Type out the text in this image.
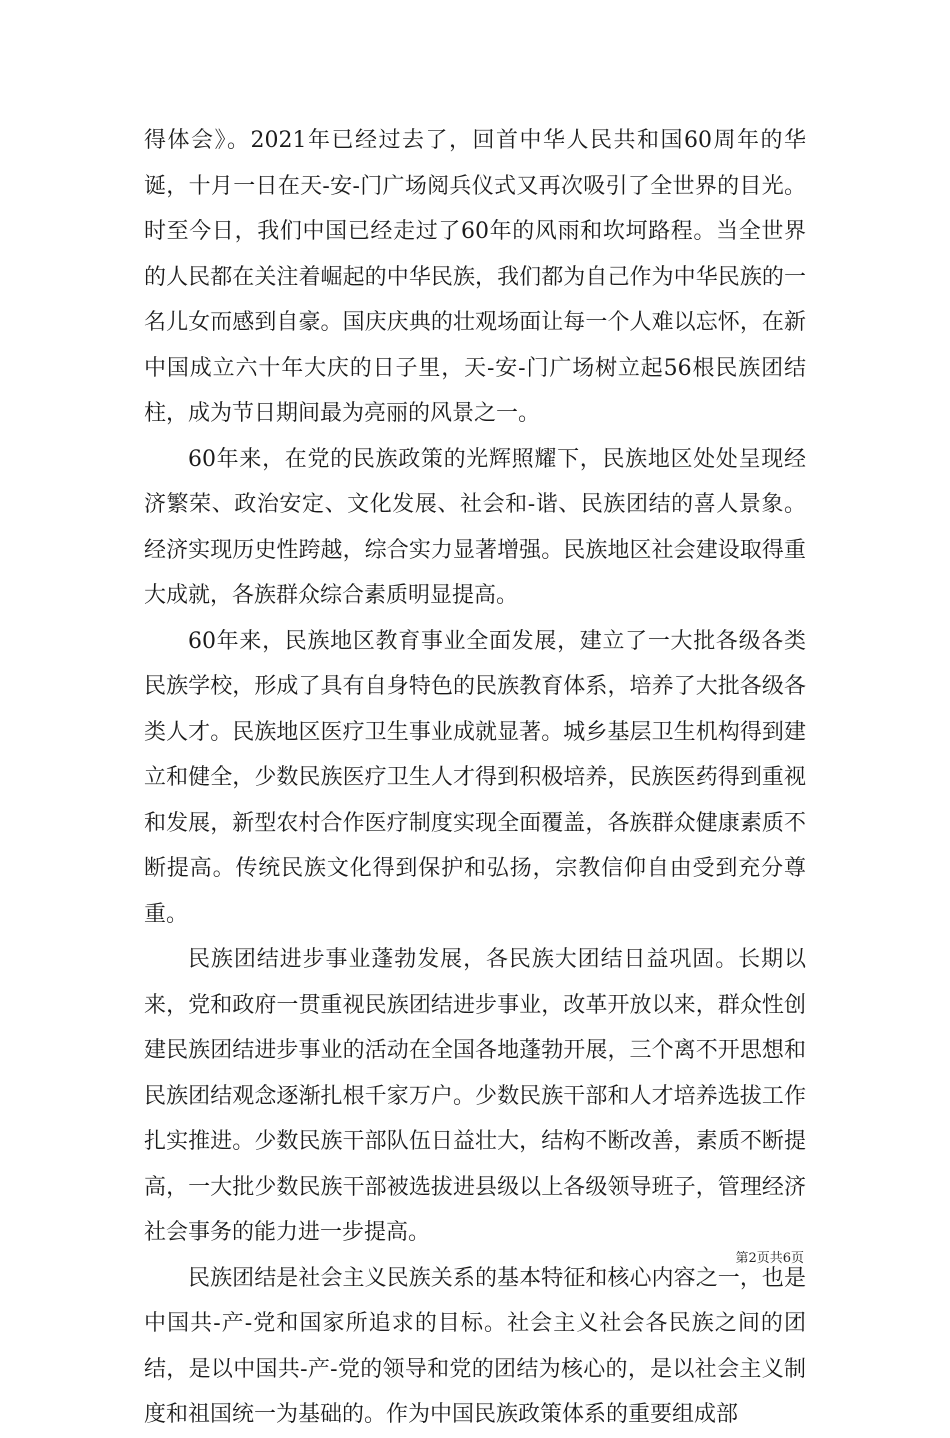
得体会》。2021年已经过去了，回首中华人民共和国60周年的华诞，十月一日在天-安-门广场阅兵仪式又再次吸引了全世界的目光。时至今日，我们中国已经走过了60年的风雨和坎坷路程。当全世界的人民都在关注着崛起的中华民族，我们都为自己作为中华民族的一名儿女而感到自豪。国庆庆典的壮观场面让每一个人难以忘怀，在新中国成立六十年大庆的日子里，天-安-门广场树立起56根民族团结柱，成为节日期间最为亮丽的风景之一。

60年来，在党的民族政策的光辉照耀下，民族地区处处呈现经济繁荣、政治安定、文化发展、社会和-谐、民族团结的喜人景象。经济实现历史性跨越，综合实力显著增强。民族地区社会建设取得重大成就，各族群众综合素质明显提高。

60年来，民族地区教育事业全面发展，建立了一大批各级各类民族学校，形成了具有自身特色的民族教育体系，培养了大批各级各类人才。民族地区医疗卫生事业成就显著。城乡基层卫生机构得到建立和健全，少数民族医疗卫生人才得到积极培养，民族医药得到重视和发展，新型农村合作医疗制度实现全面覆盖，各族群众健康素质不断提高。传统民族文化得到保护和弘扬，宗教信仰自由受到充分尊重。

民族团结进步事业蓬勃发展，各民族大团结日益巩固。长期以来，党和政府一贯重视民族团结进步事业，改革开放以来，群众性创建民族团结进步事业的活动在全国各地蓬勃开展，三个离不开思想和民族团结观念逐渐扎根千家万户。少数民族干部和人才培养选拔工作扎实推进。少数民族干部队伍日益壮大，结构不断改善，素质不断提高，一大批少数民族干部被选拔进县级以上各级领导班子，管理经济社会事务的能力进一步提高。

民族团结是社会主义民族关系的基本特征和核心内容之一，也是中国共-产-党和国家所追求的目标。社会主义社会各民族之间的团结，是以中国共-产-党的领导和党的团结为核心的，是以社会主义制度和祖国统一为基础的。作为中国民族政策体系的重要组成部

第2页共6页
